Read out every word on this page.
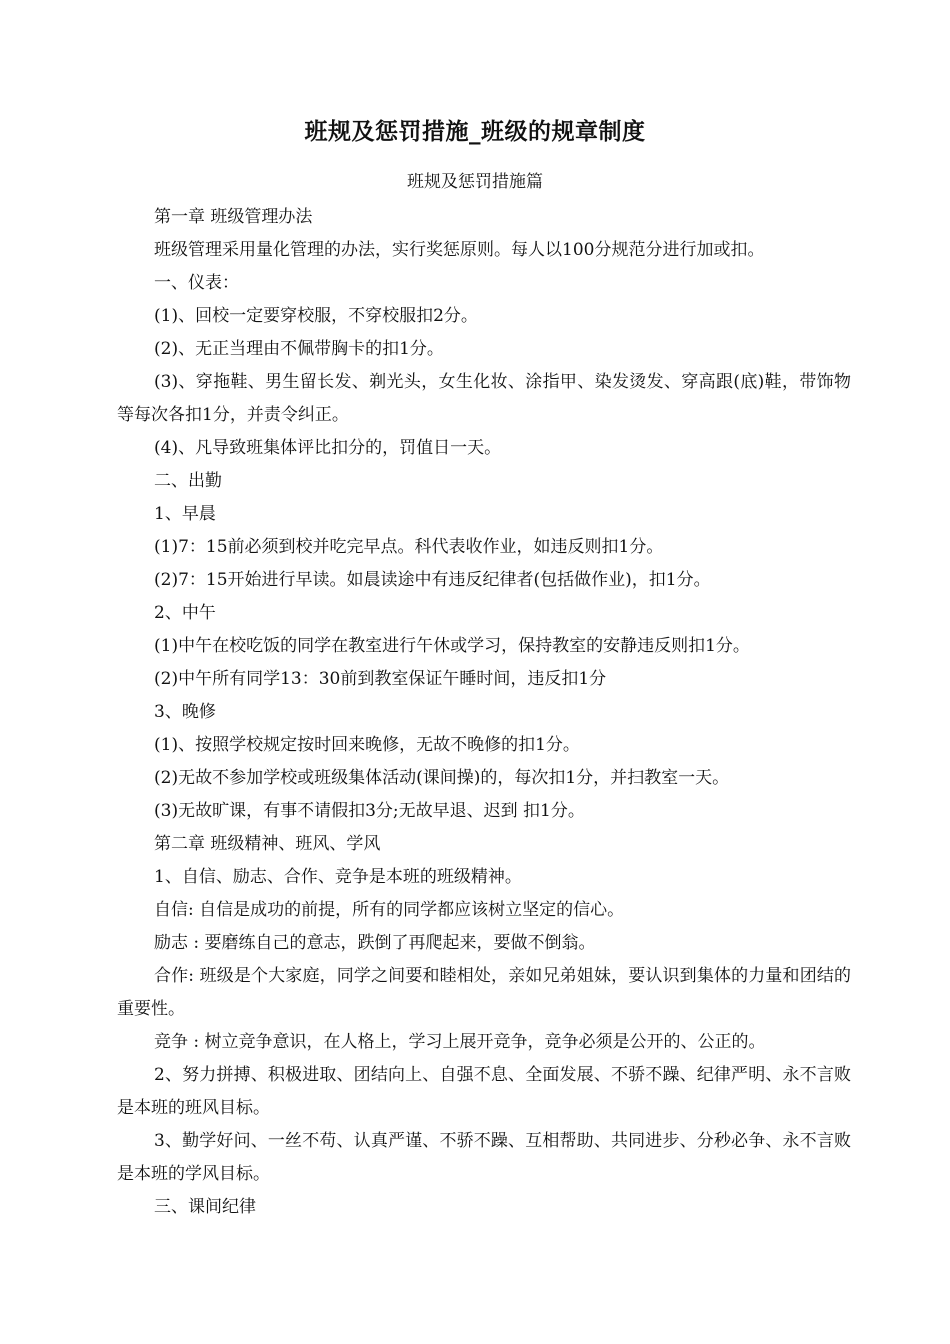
班规及惩罚措施_班级的规章制度
班规及惩罚措施篇

第一章 班级管理办法

班级管理采用量化管理的办法，实行奖惩原则。每人以100分规范分进行加或扣。

一、仪表：

(1)、回校一定要穿校服，不穿校服扣2分。

(2)、无正当理由不佩带胸卡的扣1分。

(3)、穿拖鞋、男生留长发、剃光头，女生化妆、涂指甲、染发烫发、穿高跟(底)鞋，带饰物等每次各扣1分，并责令纠正。

(4)、凡导致班集体评比扣分的，罚值日一天。

二、出勤

1、早晨

(1)7：15前必须到校并吃完早点。科代表收作业，如违反则扣1分。

(2)7：15开始进行早读。如晨读途中有违反纪律者(包括做作业)，扣1分。

2、中午

(1)中午在校吃饭的同学在教室进行午休或学习，保持教室的安静违反则扣1分。

(2)中午所有同学13：30前到教室保证午睡时间，违反扣1分

3、晚修

(1)、按照学校规定按时回来晚修，无故不晚修的扣1分。

(2)无故不参加学校或班级集体活动(课间操)的，每次扣1分，并扫教室一天。

(3)无故旷课，有事不请假扣3分;无故早退、迟到 扣1分。

第二章 班级精神、班风、学风

1、自信、励志、合作、竞争是本班的班级精神。

自信: 自信是成功的前提，所有的同学都应该树立坚定的信心。

励志 : 要磨练自己的意志，跌倒了再爬起来，要做不倒翁。

合作: 班级是个大家庭，同学之间要和睦相处，亲如兄弟姐妹，要认识到集体的力量和团结的重要性。

竞争 : 树立竞争意识，在人格上，学习上展开竞争，竞争必须是公开的、公正的。

2、努力拼搏、积极进取、团结向上、自强不息、全面发展、不骄不躁、纪律严明、永不言败是本班的班风目标。

3、勤学好问、一丝不苟、认真严谨、不骄不躁、互相帮助、共同进步、分秒必争、永不言败是本班的学风目标。

三、课间纪律
